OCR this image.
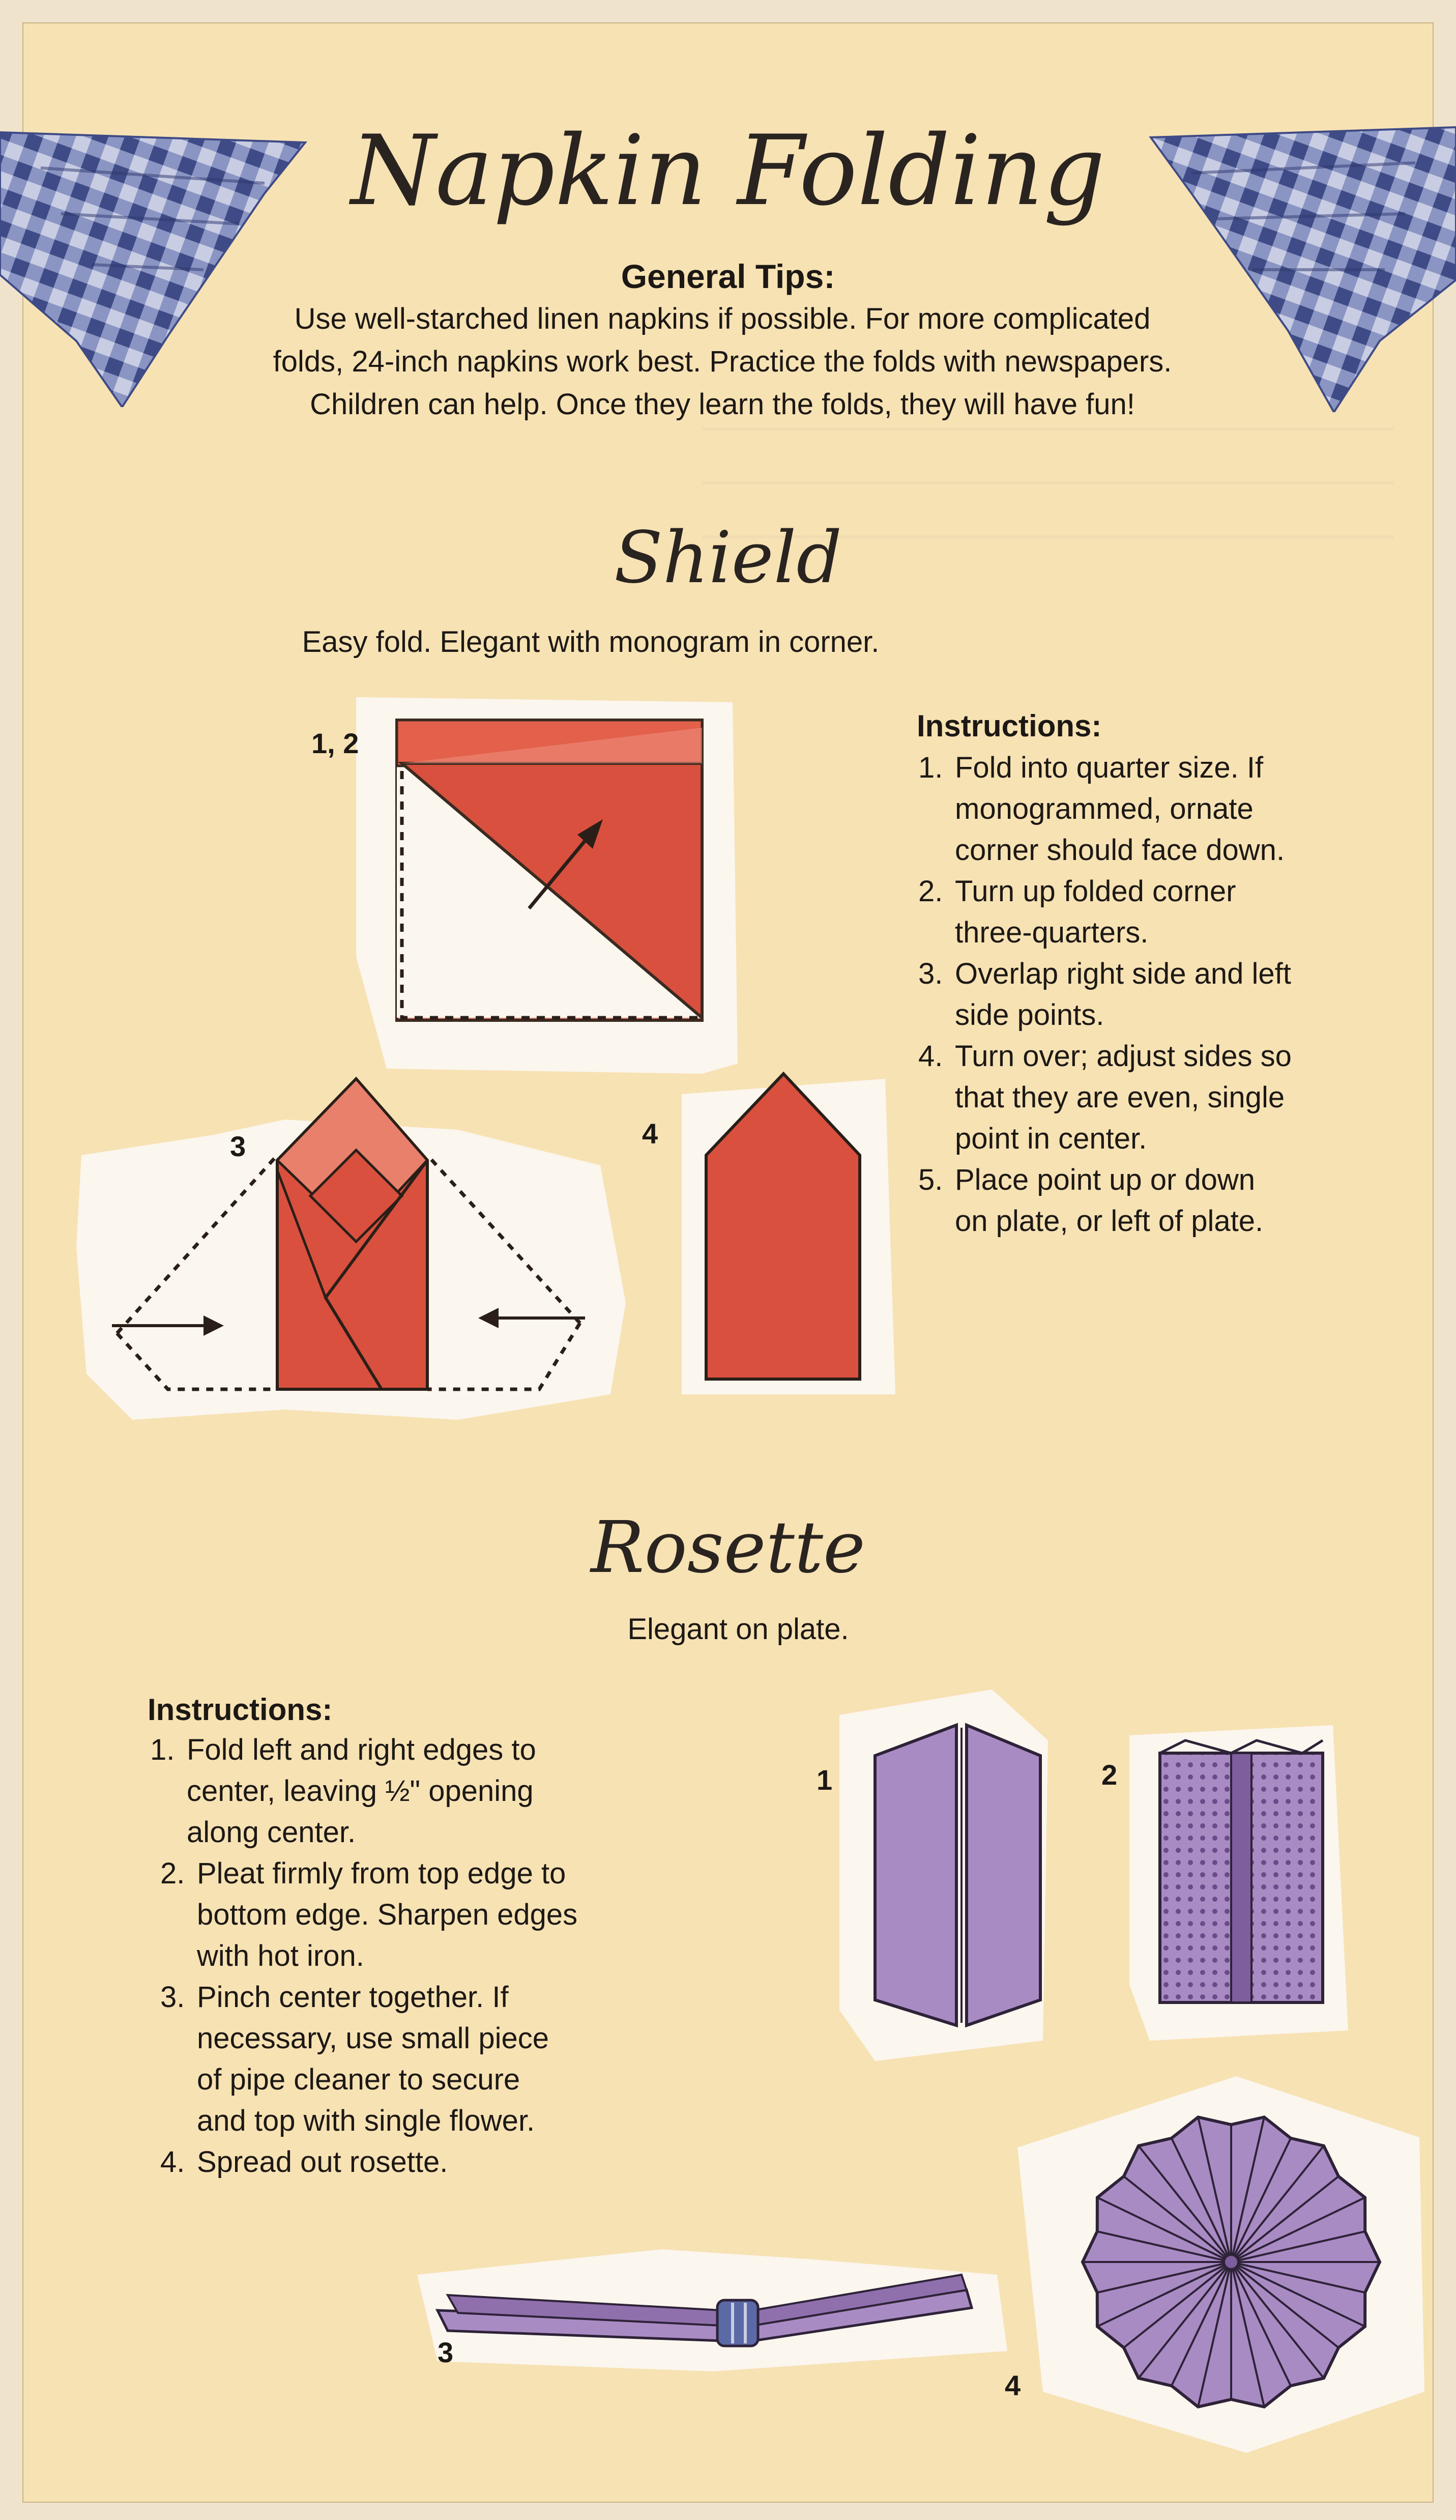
Napkin Folding
General Tips:
Use well-starched linen napkins if possible. For more complicated
folds, 24-inch napkins work best. Practice the folds with newspapers.
Children can help. Once they learn the folds, they will have fun!
Shield
Easy fold. Elegant with monogram in corner.
Instructions:
1. Fold into quarter size. If
monogrammed, ornate
corner should face down.
2. Turn up folded corner
three-quarters.
3. Overlap right side and left
side points.
4. Turn over; adjust sides so
that they are even, single
point in center.
5. Place point up or down
on plate, or left of plate.
1, 2
3	4
Rosette
Elegant on plate.
Instructions:
1. Fold left and right edges to
center, leaving ½" opening
along center.
2. Pleat firmly from top edge to
bottom edge. Sharpen edges
with hot iron.
3. Pinch center together. If
necessary, use small piece
of pipe cleaner to secure
and top with single flower.
4. Spread out rosette.
1	2
3
4
